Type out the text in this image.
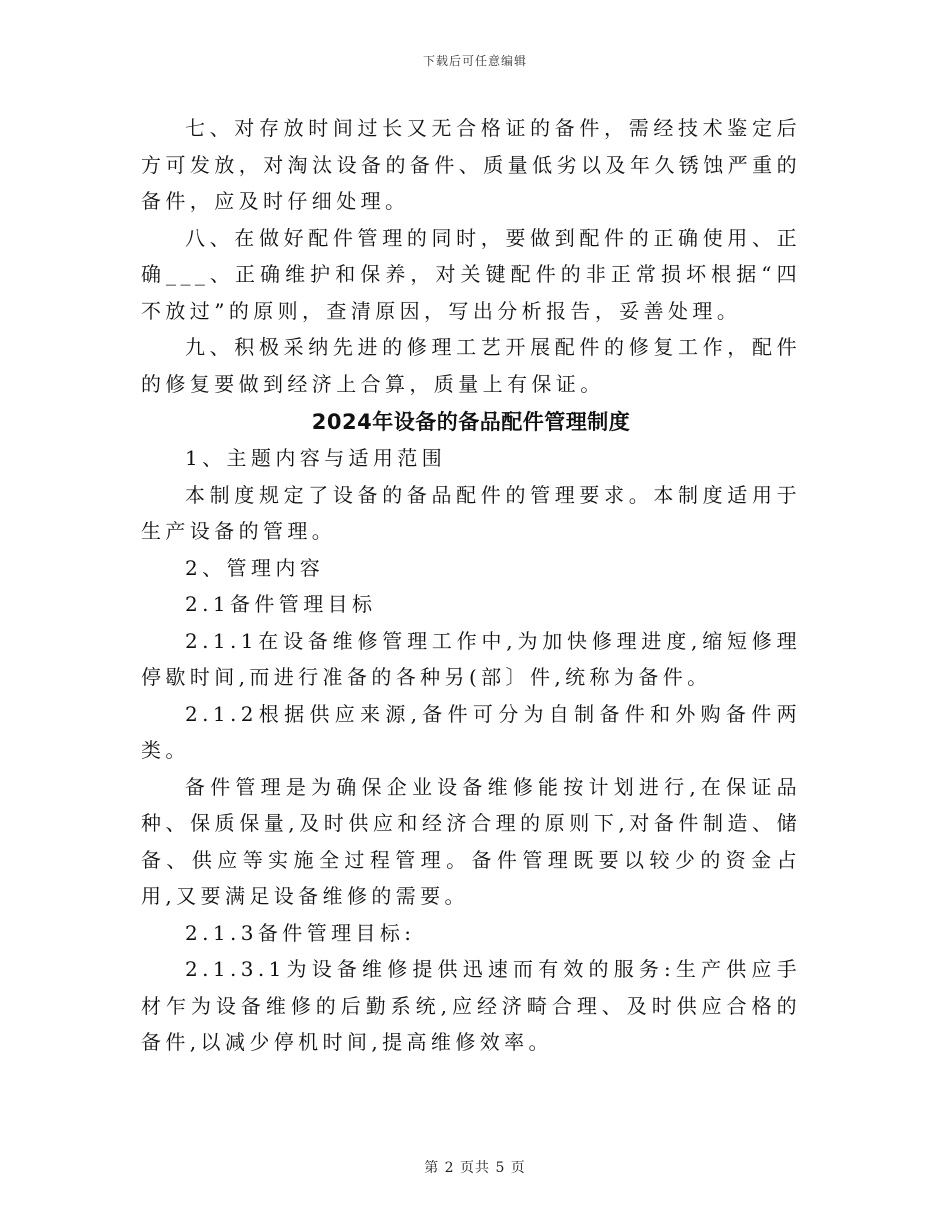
下载后可任意编辑

七、对存放时间过长又无合格证的备件，需经技术鉴定后方可发放，对淘汰设备的备件、质量低劣以及年久锈蚀严重的备件，应及时仔细处理。

八、在做好配件管理的同时，要做到配件的正确使用、正确___、正确维护和保养，对关键配件的非正常损坏根据“四不放过”的原则，查清原因，写出分析报告，妥善处理。

九、积极采纳先进的修理工艺开展配件的修复工作，配件的修复要做到经济上合算，质量上有保证。

2024年设备的备品配件管理制度

1、主题内容与适用范围

本制度规定了设备的备品配件的管理要求。本制度适用于生产设备的管理。

2、管理内容

2.1备件管理目标

2.1.1在设备维修管理工作中,为加快修理进度,缩短修理停歇时间,而进行准备的各种另(部〕件,统称为备件。

2.1.2根据供应来源,备件可分为自制备件和外购备件两类。

备件管理是为确保企业设备维修能按计划进行,在保证品种、保质保量,及时供应和经济合理的原则下,对备件制造、储备、供应等实施全过程管理。备件管理既要以较少的资金占用,又要满足设备维修的需要。

2.1.3备件管理目标:

2.1.3.1为设备维修提供迅速而有效的服务:生产供应手材乍为设备维修的后勤系统,应经济畸合理、及时供应合格的备件,以减少停机时间,提高维修效率。

第 2 页共 5 页
